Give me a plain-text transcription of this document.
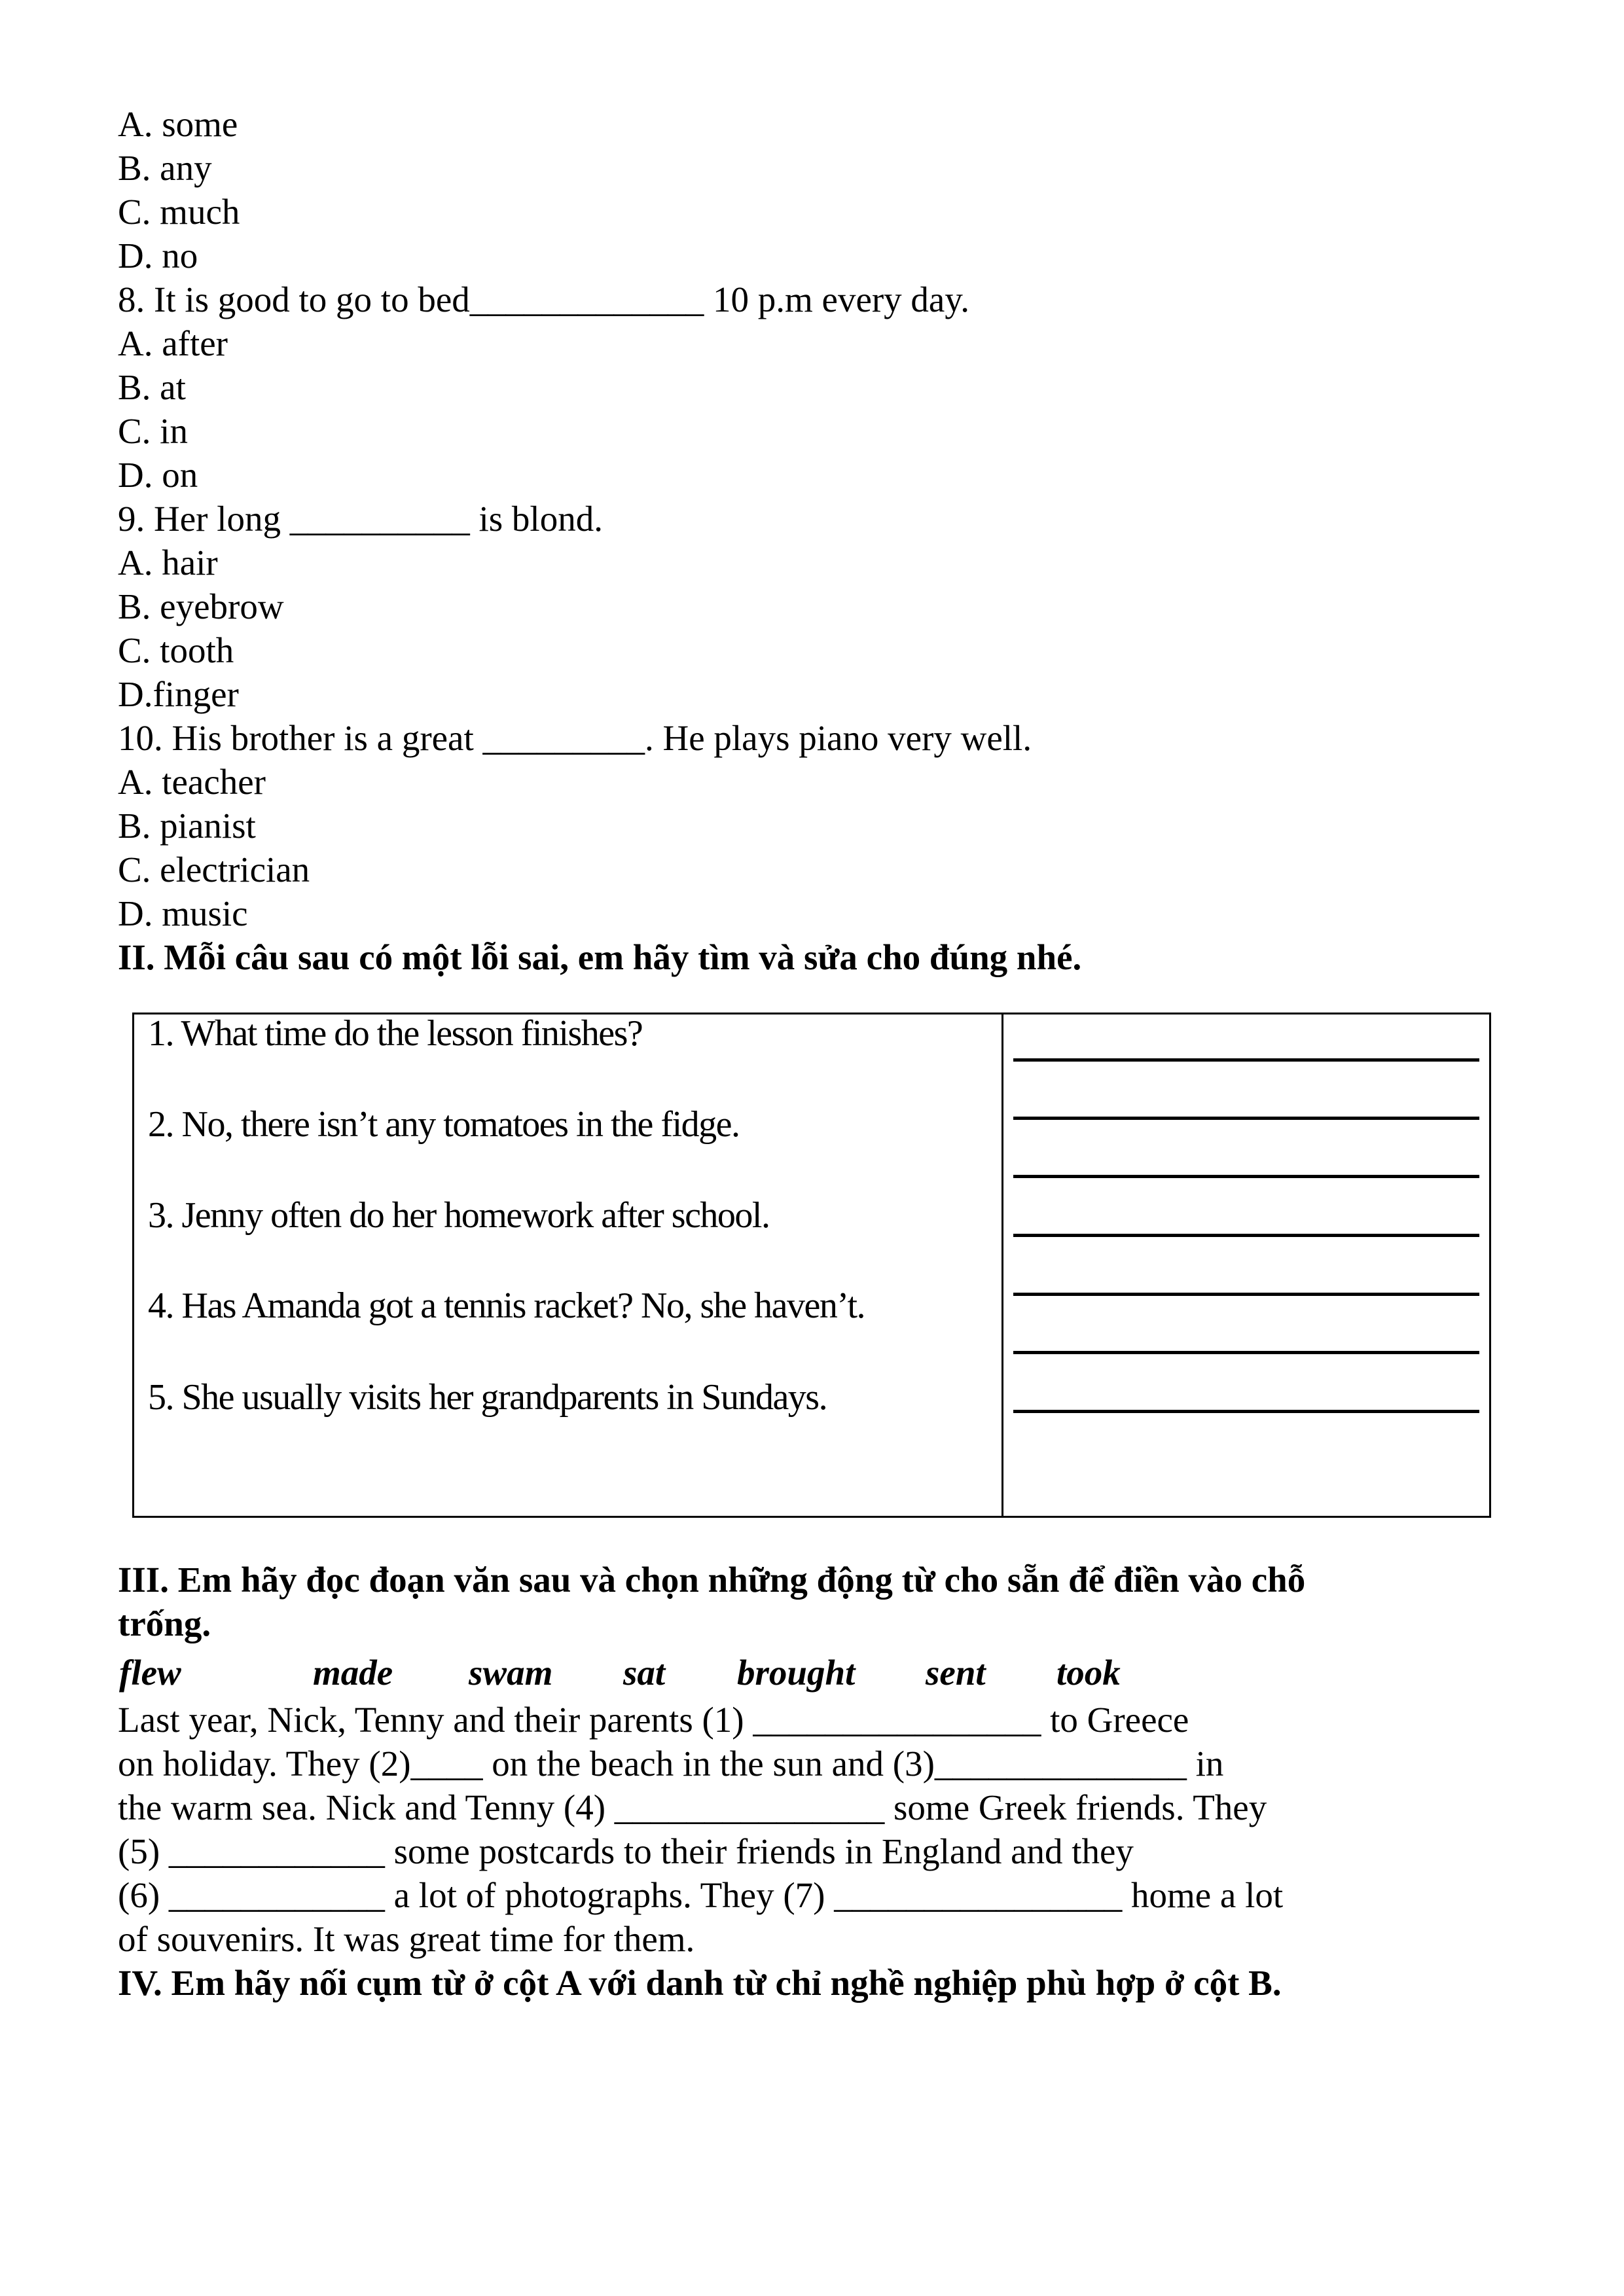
A. some
B. any
C. much
D. no
8. It is good to go to bed_____________ 10 p.m every day.
A. after
B. at
C. in
D. on
9. Her long __________ is blond.
A. hair
B. eyebrow
C. tooth
D.finger
10. His brother is a great _________. He plays piano very well.
A. teacher
B. pianist
C. electrician
D. music
II. Mỗi câu sau có một lỗi sai, em hãy tìm và sửa cho đúng nhé.
1. What time do the lesson finishes?
2. No, there isn’t any tomatoes in the fidge.
3. Jenny often do her homework after school.
4. Has Amanda got a tennis racket? No, she haven’t.
5. She usually visits her grandparents in Sundays.
III. Em hãy đọc đoạn văn sau và chọn những động từ cho sẵn để điền vào chỗ
trống.
flew	made swam sat brought sent took
Last year, Nick, Tenny and their parents (1) ________________ to Greece
on holiday. They (2)____ on the beach in the sun and (3)______________ in
the warm sea. Nick and Tenny (4) _______________ some Greek friends. They
(5) ____________ some postcards to their friends in England and they
(6) ____________ a lot of photographs. They (7) ________________ home a lot
of souvenirs. It was great time for them.
IV. Em hãy nối cụm từ ở cột A với danh từ chỉ nghề nghiệp phù hợp ở cột B.
